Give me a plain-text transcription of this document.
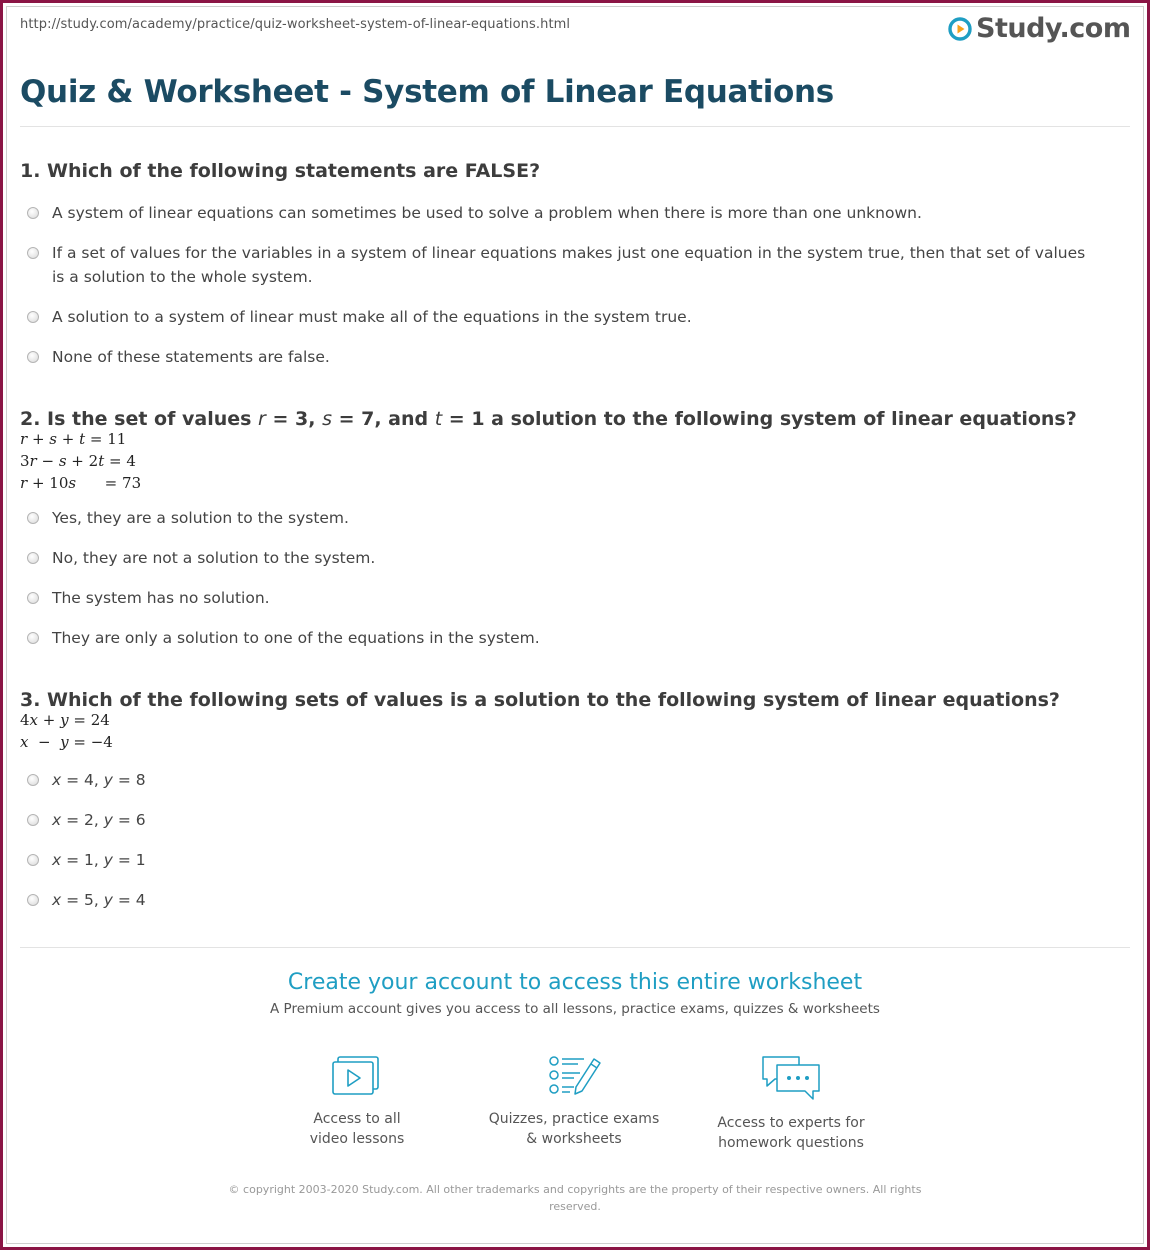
http://study.com/academy/practice/quiz-worksheet-system-of-linear-equations.html	Study.com
Quiz & Worksheet - System of Linear Equations
1. Which of the following statements are FALSE?
A system of linear equations can sometimes be used to solve a problem when there is more than one unknown.
If a set of values for the variables in a system of linear equations makes just one equation in the system true, then that set of values is a solution to the whole system.
A solution to a system of linear must make all of the equations in the system true.
None of these statements are false.
2. Is the set of values r = 3, s = 7, and t = 1 a solution to the following system of linear equations?
r + s + t = 11
3r − s + 2t = 4
r + 10s      = 73
Yes, they are a solution to the system.
No, they are not a solution to the system.
The system has no solution.
They are only a solution to one of the equations in the system.
3. Which of the following sets of values is a solution to the following system of linear equations?
4x + y = 24
x  −  y = −4
x = 4, y = 8
x = 2, y = 6
x = 1, y = 1
x = 5, y = 4
Create your account to access this entire worksheet
A Premium account gives you access to all lessons, practice exams, quizzes & worksheets
Access to all
video lessons
Quizzes, practice exams
& worksheets
Access to experts for
homework questions
© copyright 2003-2020 Study.com. All other trademarks and copyrights are the property of their respective owners. All rights reserved.
